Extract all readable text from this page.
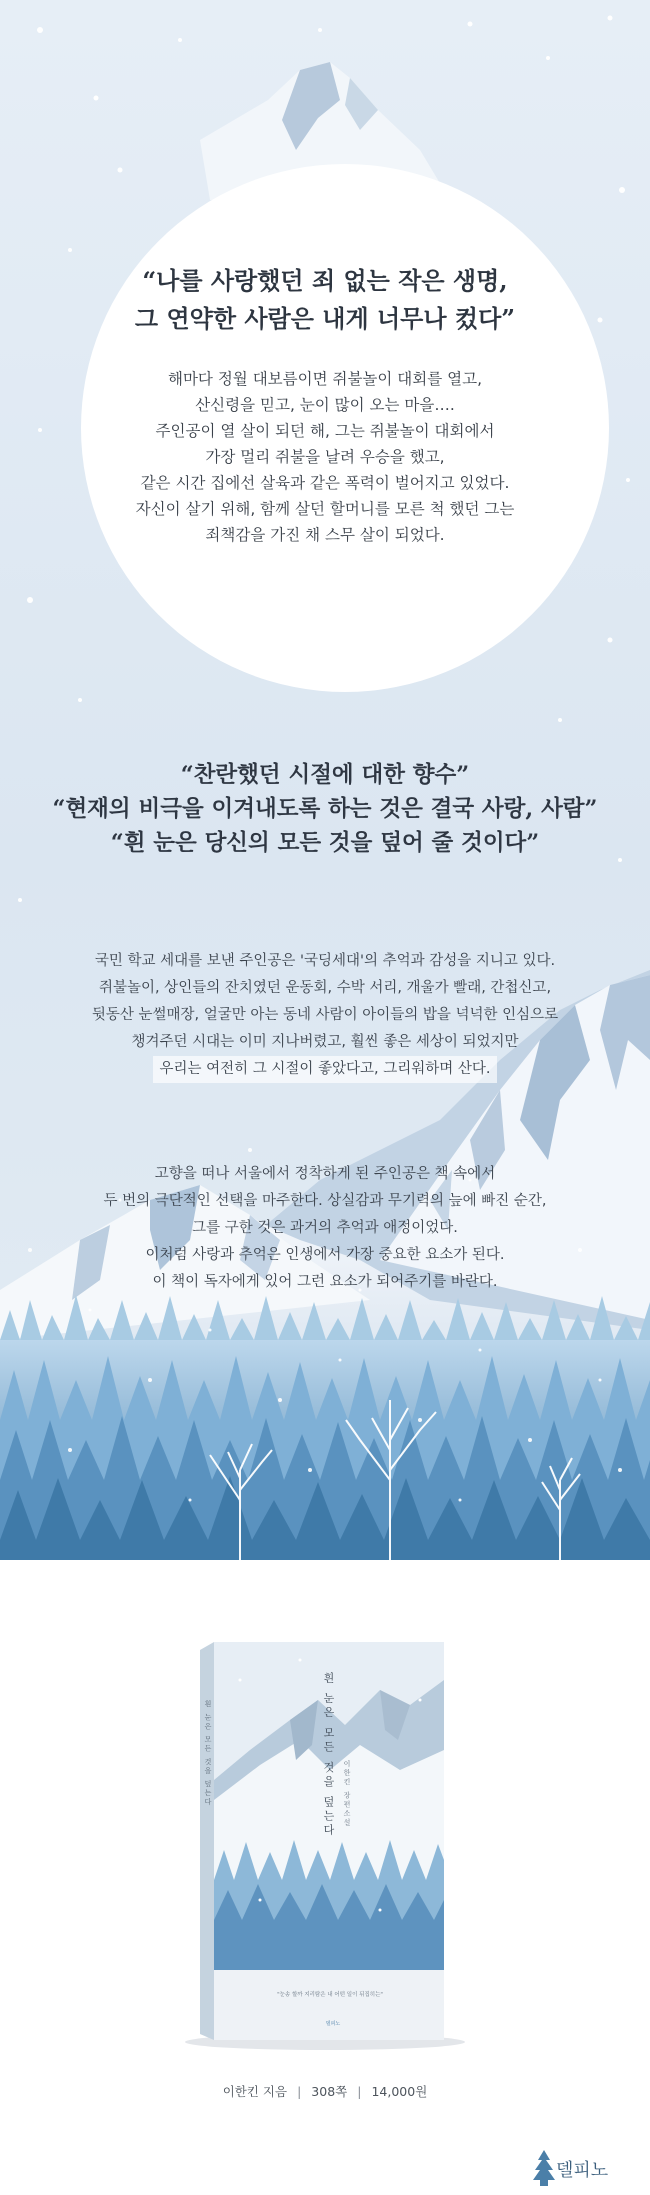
“나를 사랑했던 죄 없는 작은 생명,
그 연약한 사람은 내게 너무나 컸다”
해마다 정월 대보름이면 쥐불놀이 대회를 열고,
산신령을 믿고, 눈이 많이 오는 마을….
주인공이 열 살이 되던 해, 그는 쥐불놀이 대회에서
가장 멀리 쥐불을 날려 우승을 했고,
같은 시간 집에선 살육과 같은 폭력이 벌어지고 있었다.
자신이 살기 위해, 함께 살던 할머니를 모른 척 했던 그는
죄책감을 가진 채 스무 살이 되었다.
“찬란했던 시절에 대한 향수”
“현재의 비극을 이겨내도록 하는 것은 결국 사랑, 사람”
“흰 눈은 당신의 모든 것을 덮어 줄 것이다”
국민 학교 세대를 보낸 주인공은 '국딩세대'의 추억과 감성을 지니고 있다.
쥐불놀이, 상인들의 잔치였던 운동회, 수박 서리, 개울가 빨래, 간첩신고,
뒷동산 눈썰매장, 얼굴만 아는 동네 사람이 아이들의 밥을 넉넉한 인심으로
챙겨주던 시대는 이미 지나버렸고, 훨씬 좋은 세상이 되었지만
우리는 여전히 그 시절이 좋았다고, 그리워하며 산다.
고향을 떠나 서울에서 정착하게 된 주인공은 책 속에서
두 번의 극단적인 선택을 마주한다. 상실감과 무기력의 늪에 빠진 순간,
그를 구한 것은 과거의 추억과 애정이었다.
이처럼 사랑과 추억은 인생에서 가장 중요한 요소가 된다.
이 책이 독자에게 있어 그런 요소가 되어주기를 바란다.
흰 눈은 모든 것을 덮는다	이한킨 장편소설
흰 눈은 모든 것을 덮는다
"눈송 할까 지리탐은 내 어떤 일이 뒤집히는"
델피노
이한킨 지음 | 308쪽 | 14,000원
델피노
